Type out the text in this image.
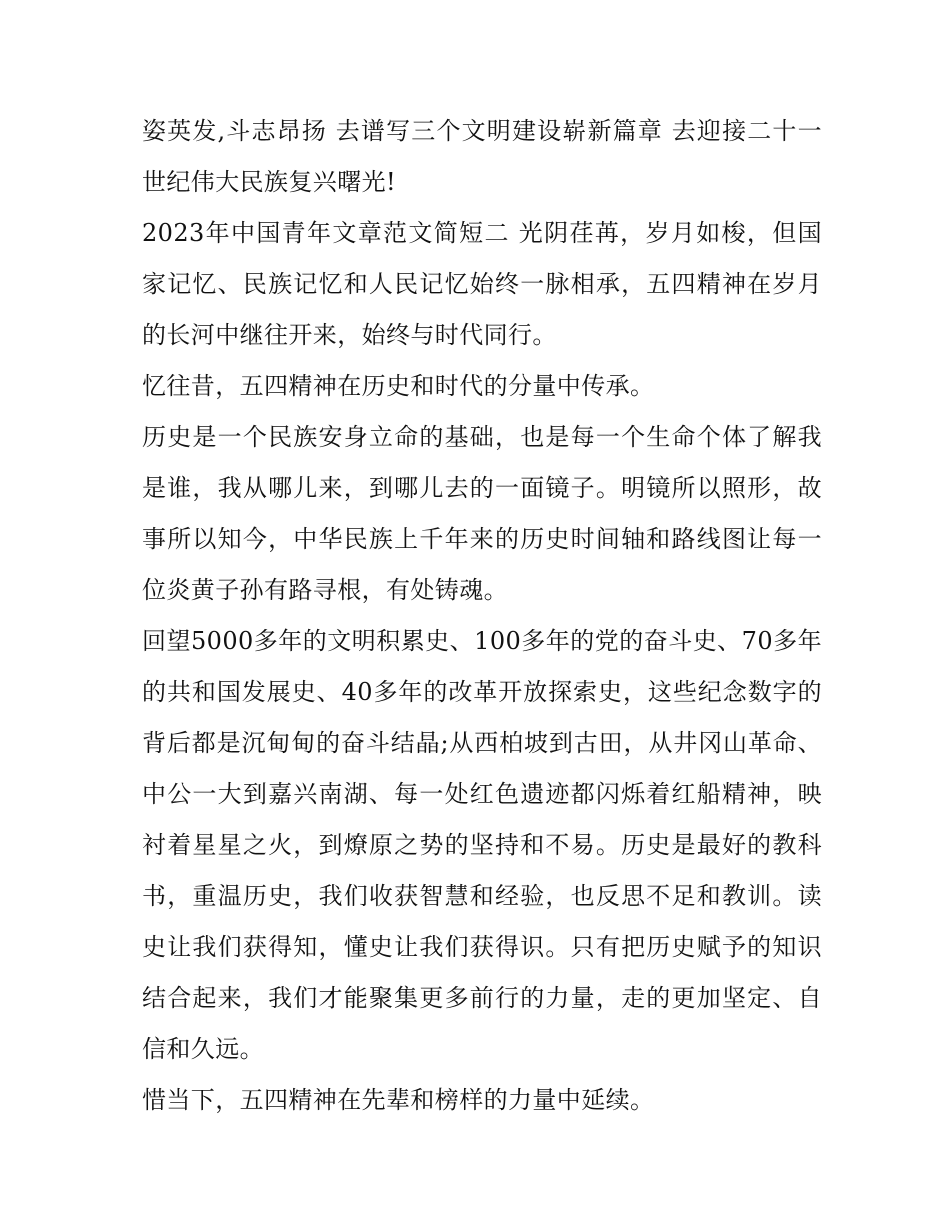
姿英发,斗志昂扬 去谱写三个文明建设崭新篇章 去迎接二十一世纪伟大民族复兴曙光!

2023年中国青年文章范文简短二 光阴荏苒，岁月如梭，但国家记忆、民族记忆和人民记忆始终一脉相承，五四精神在岁月的长河中继往开来，始终与时代同行。

忆往昔，五四精神在历史和时代的分量中传承。

历史是一个民族安身立命的基础，也是每一个生命个体了解我是谁，我从哪儿来，到哪儿去的一面镜子。明镜所以照形，故事所以知今，中华民族上千年来的历史时间轴和路线图让每一位炎黄子孙有路寻根，有处铸魂。

回望5000多年的文明积累史、100多年的党的奋斗史、70多年的共和国发展史、40多年的改革开放探索史，这些纪念数字的背后都是沉甸甸的奋斗结晶;从西柏坡到古田，从井冈山革命、中公一大到嘉兴南湖、每一处红色遗迹都闪烁着红船精神，映衬着星星之火，到燎原之势的坚持和不易。历史是最好的教科书，重温历史，我们收获智慧和经验，也反思不足和教训。读史让我们获得知，懂史让我们获得识。只有把历史赋予的知识结合起来，我们才能聚集更多前行的力量，走的更加坚定、自信和久远。

惜当下，五四精神在先辈和榜样的力量中延续。
